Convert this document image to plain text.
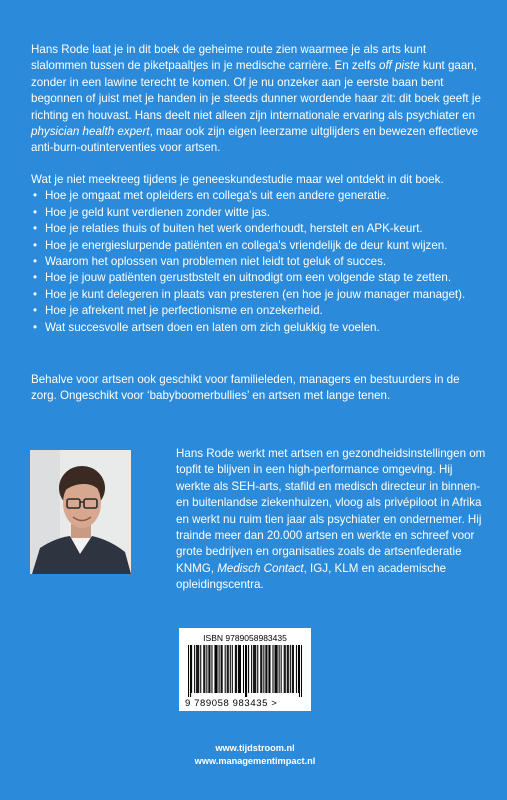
Hans Rode laat je in dit boek de geheime route zien waarmee je als arts kunt slalommen tussen de piketpaaltjes in je medische carrière. En zelfs off piste kunt gaan, zonder in een lawine terecht te komen. Of je nu onzeker aan je eerste baan bent begonnen of juist met je handen in je steeds dunner wordende haar zit: dit boek geeft je richting en houvast. Hans deelt niet alleen zijn internationale ervaring als psychiater en physician health expert, maar ook zijn eigen leerzame uitglijders en bewezen effectieve anti-burn-outinterventies voor artsen.

Wat je niet meekreeg tijdens je geneeskundestudie maar wel ontdekt in dit boek.

• Hoe je omgaat met opleiders en collega's uit een andere generatie.
• Hoe je geld kunt verdienen zonder witte jas.
• Hoe je relaties thuis of buiten het werk onderhoudt, herstelt en APK-keurt.
• Hoe je energieslurpende patiënten en collega's vriendelijk de deur kunt wijzen.
• Waarom het oplossen van problemen niet leidt tot geluk of succes.
• Hoe je jouw patiënten gerustbstelt en uitnodigt om een volgende stap te zetten.
• Hoe je kunt delegeren in plaats van presteren (en hoe je jouw manager managet).
• Hoe je afrekent met je perfectionisme en onzekerheid.
• Wat succesvolle artsen doen en laten om zich gelukkig te voelen.

Behalve voor artsen ook geschikt voor familieleden, managers en bestuurders in de zorg. Ongeschikt voor ‘babyboomerbullies’ en artsen met lange tenen.

Hans Rode werkt met artsen en gezondheidsinstellingen om topfit te blijven in een high-performance omgeving. Hij werkte als SEH-arts, stafild en medisch directeur in binnen- en buitenlandse ziekenhuizen, vloog als privépiloot in Afrika en werkt nu ruim tien jaar als psychiater en ondernemer. Hij trainde meer dan 20.000 artsen en werkte en schreef voor grote bedrijven en organisaties zoals de artsenfederatie KNMG, Medisch Contact, IGJ, KLM en academische opleidingscentra.

ISBN 9789058983435
9 789058 983435 >
www.tijdstroom.nl
www.managementimpact.nl
